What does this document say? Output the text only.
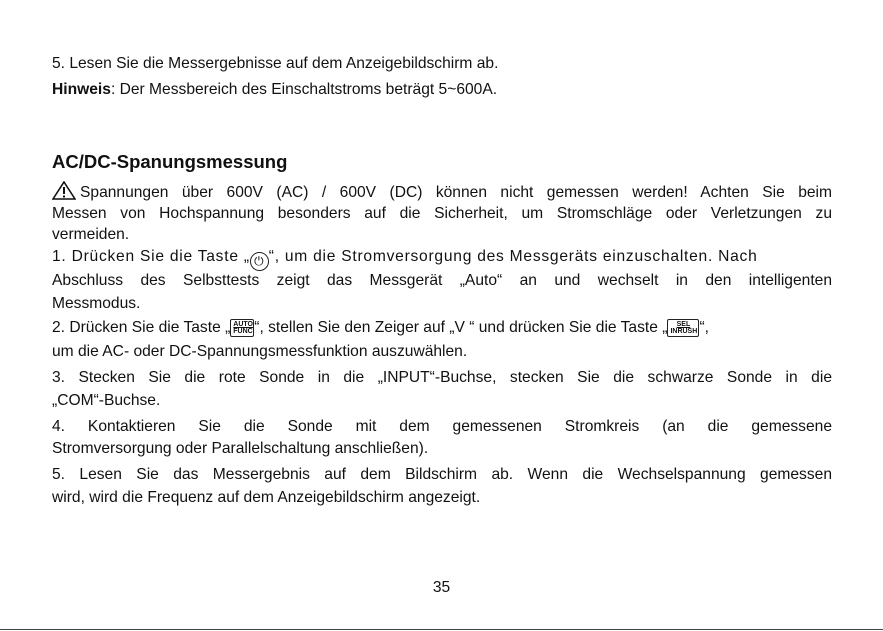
5. Lesen Sie die Messergebnisse auf dem Anzeigebildschirm ab.
Hinweis: Der Messbereich des Einschaltstroms beträgt 5~600A.
AC/DC-Spanungsmessung
Spannungen über 600V (AC) / 600V (DC) können nicht gemessen werden! Achten Sie beim
Messen von Hochspannung besonders auf die Sicherheit, um Stromschläge oder Verletzungen zu
vermeiden.
1. Drücken Sie die Taste „ ⏻ “, um die Stromversorgung des Messgeräts einzuschalten. Nach
Abschluss des Selbsttests zeigt das Messgerät „Auto“ an und wechselt in den intelligenten
Messmodus.
2. Drücken Sie die Taste „ AUTO
FUNC “, stellen Sie den Zeiger auf „V “ und drücken Sie die Taste „	SEL
INRUSH “,
um die AC- oder DC-Spannungsmessfunktion auszuwählen.
3. Stecken Sie die rote Sonde in die „INPUT“-Buchse, stecken Sie die schwarze Sonde in die
„COM“-Buchse.
4. Kontaktieren Sie die Sonde mit dem gemessenen Stromkreis (an die gemessene
Stromversorgung oder Parallelschaltung anschließen).
5. Lesen Sie das Messergebnis auf dem Bildschirm ab. Wenn die Wechselspannung gemessen
wird, wird die Frequenz auf dem Anzeigebildschirm angezeigt.
35
